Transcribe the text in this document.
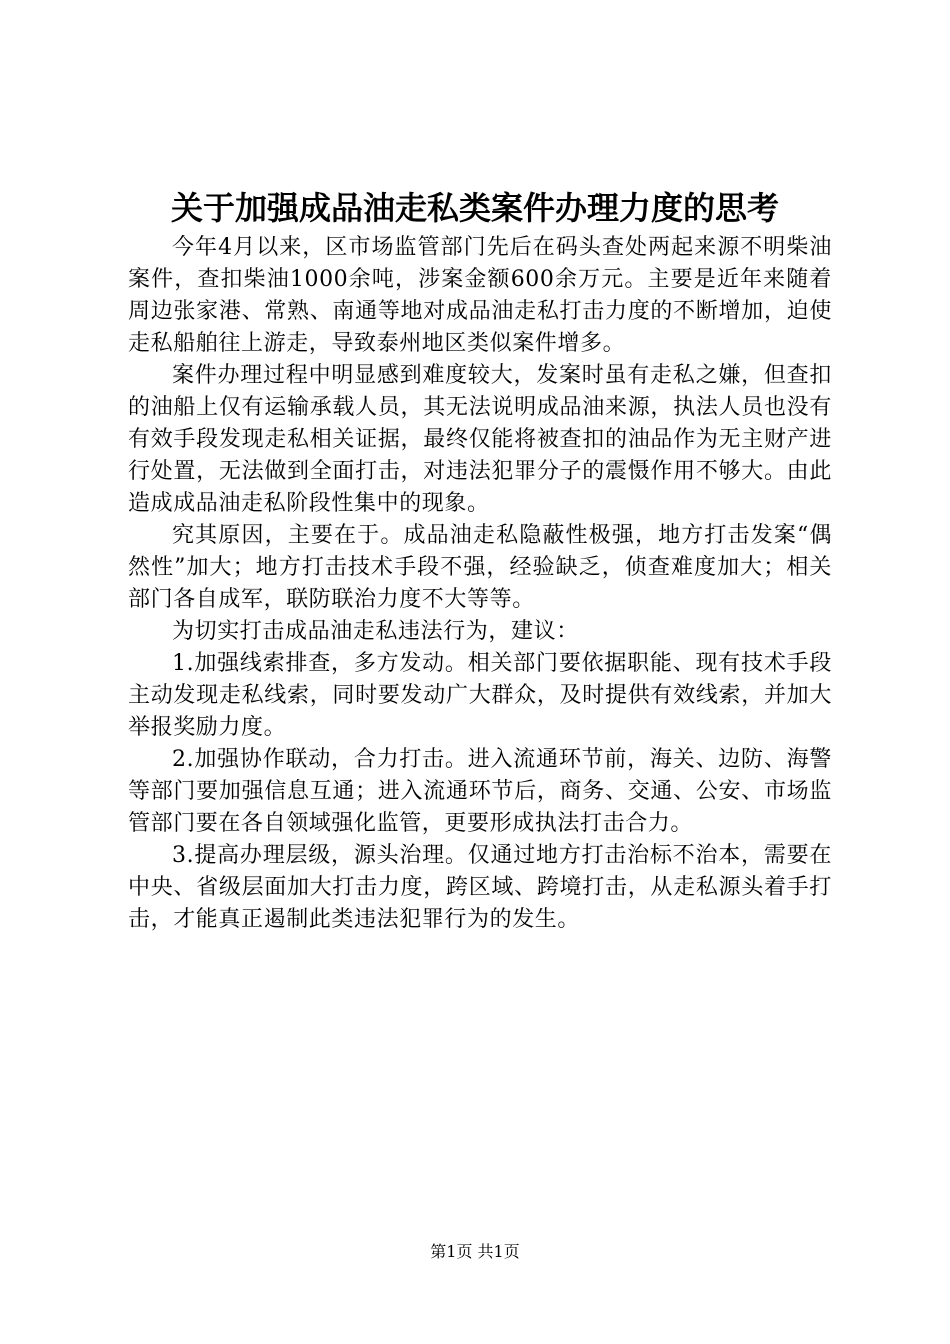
关于加强成品油走私类案件办理力度的思考

今年4月以来，区市场监管部门先后在码头查处两起来源不明柴油案件，查扣柴油1000余吨，涉案金额600余万元。主要是近年来随着周边张家港、常熟、南通等地对成品油走私打击力度的不断增加，迫使走私船舶往上游走，导致泰州地区类似案件增多。

案件办理过程中明显感到难度较大，发案时虽有走私之嫌，但查扣的油船上仅有运输承载人员，其无法说明成品油来源，执法人员也没有有效手段发现走私相关证据，最终仅能将被查扣的油品作为无主财产进行处置，无法做到全面打击，对违法犯罪分子的震慑作用不够大。由此造成成品油走私阶段性集中的现象。

究其原因，主要在于。成品油走私隐蔽性极强，地方打击发案“偶然性”加大；地方打击技术手段不强，经验缺乏，侦查难度加大；相关部门各自成军，联防联治力度不大等等。

为切实打击成品油走私违法行为，建议：

1.加强线索排查，多方发动。相关部门要依据职能、现有技术手段主动发现走私线索，同时要发动广大群众，及时提供有效线索，并加大举报奖励力度。

2.加强协作联动，合力打击。进入流通环节前，海关、边防、海警等部门要加强信息互通；进入流通环节后，商务、交通、公安、市场监管部门要在各自领域强化监管，更要形成执法打击合力。

3.提高办理层级，源头治理。仅通过地方打击治标不治本，需要在中央、省级层面加大打击力度，跨区域、跨境打击，从走私源头着手打击，才能真正遏制此类违法犯罪行为的发生。

第1页 共1页
